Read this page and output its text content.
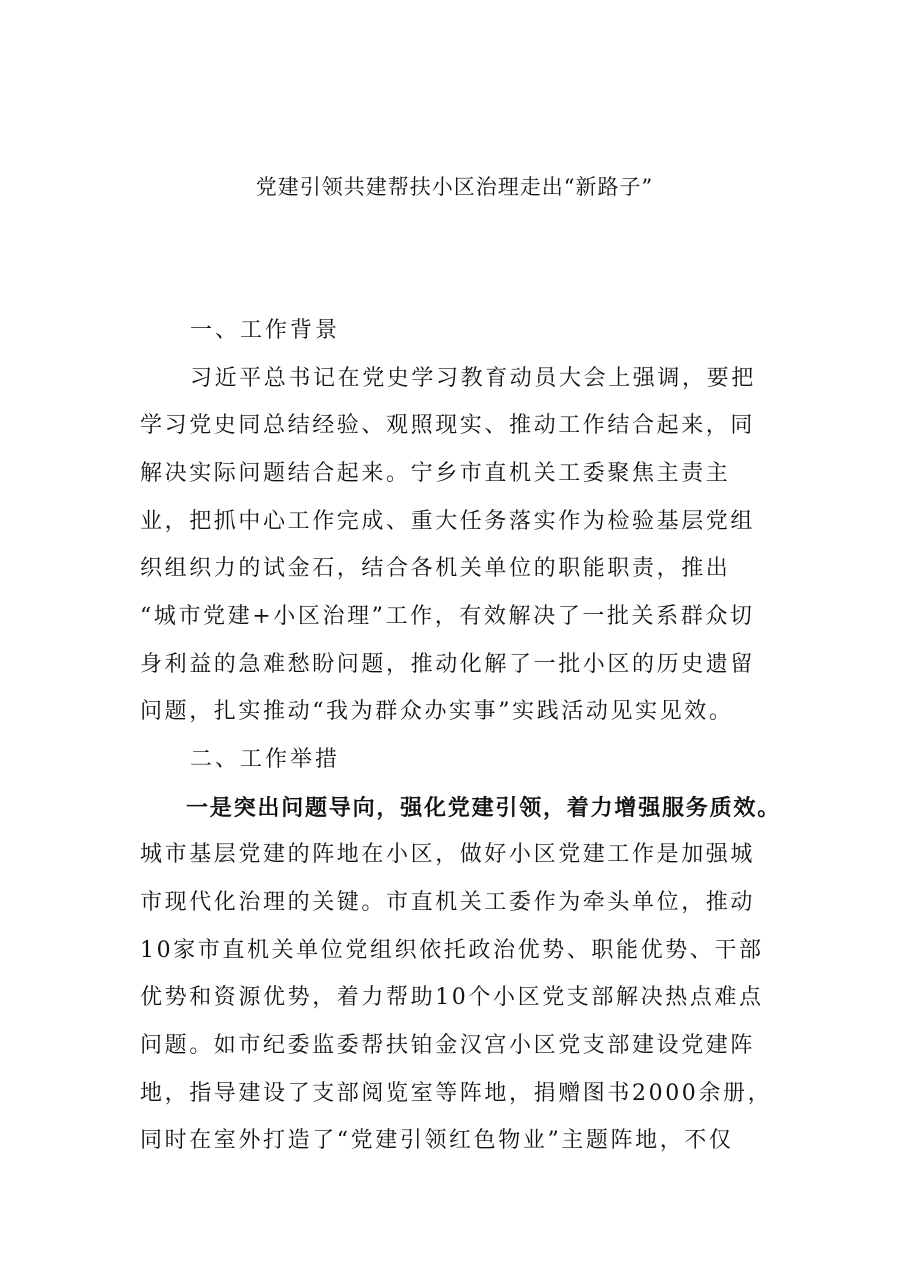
党建引领共建帮扶小区治理走出“新路子”
一、工作背景
习近平总书记在党史学习教育动员大会上强调，要把
学习党史同总结经验、观照现实、推动工作结合起来，同
解决实际问题结合起来。宁乡市直机关工委聚焦主责主
业，把抓中心工作完成、重大任务落实作为检验基层党组
织组织力的试金石，结合各机关单位的职能职责，推出
“城市党建+小区治理”工作，有效解决了一批关系群众切
身利益的急难愁盼问题，推动化解了一批小区的历史遗留
问题，扎实推动“我为群众办实事”实践活动见实见效。
二、工作举措
一是突出问题导向，强化党建引领，着力增强服务质效。
城市基层党建的阵地在小区，做好小区党建工作是加强城
市现代化治理的关键。市直机关工委作为牵头单位，推动
10家市直机关单位党组织依托政治优势、职能优势、干部
优势和资源优势，着力帮助10个小区党支部解决热点难点
问题。如市纪委监委帮扶铂金汉宫小区党支部建设党建阵
地，指导建设了支部阅览室等阵地，捐赠图书2000余册，
同时在室外打造了“党建引领红色物业”主题阵地，不仅
